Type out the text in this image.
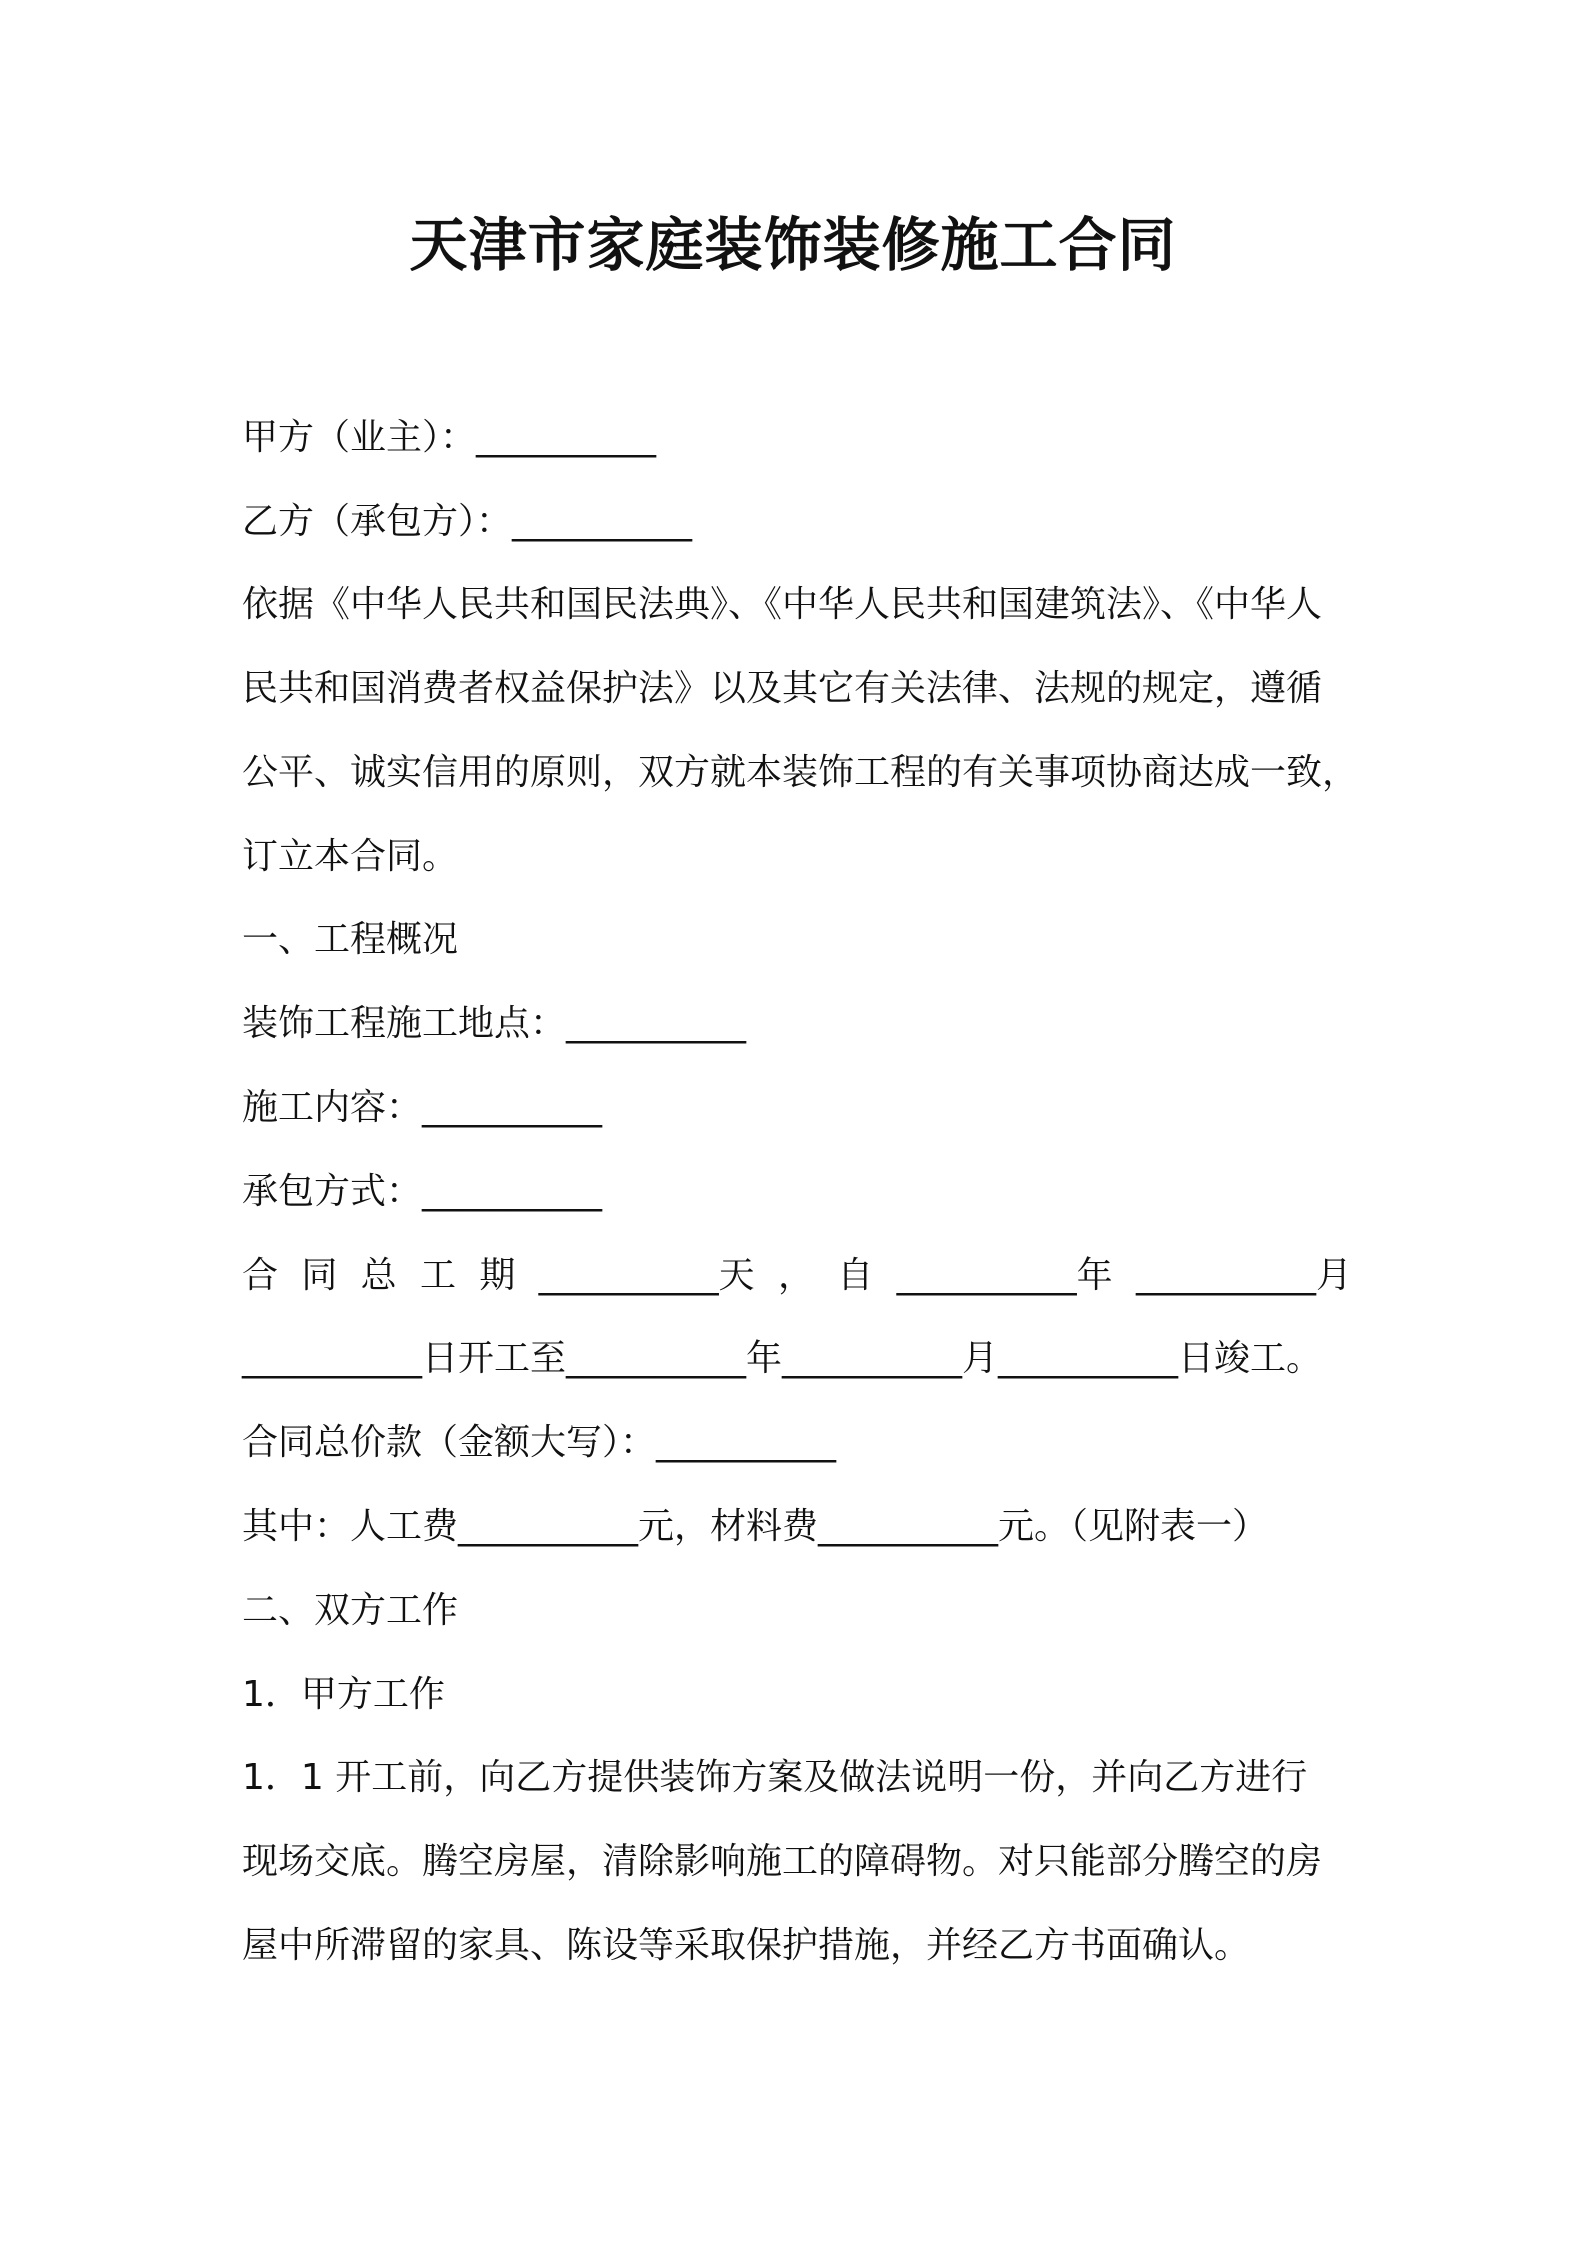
天津市家庭装饰装修施工合同
甲方（业主）：__________
乙方（承包方）：__________
依据《中华人民共和国民法典》、《中华人民共和国建筑法》、《中华人
民共和国消费者权益保护法》以及其它有关法律、法规的规定，遵循
公平、诚实信用的原则，双方就本装饰工程的有关事项协商达成一致，
订立本合同。
一、工程概况
装饰工程施工地点：__________
施工内容：__________
承包方式：__________
合 同 总 工 期 __________天 ， 自 __________年 __________月
__________日开工至__________年__________月__________日竣工。
合同总价款（金额大写）：__________
其中：人工费__________元，材料费__________元。（见附表一）
二、双方工作
1．甲方工作
1．1 开工前，向乙方提供装饰方案及做法说明一份，并向乙方进行
现场交底。腾空房屋，清除影响施工的障碍物。对只能部分腾空的房
屋中所滞留的家具、陈设等采取保护措施，并经乙方书面确认。
